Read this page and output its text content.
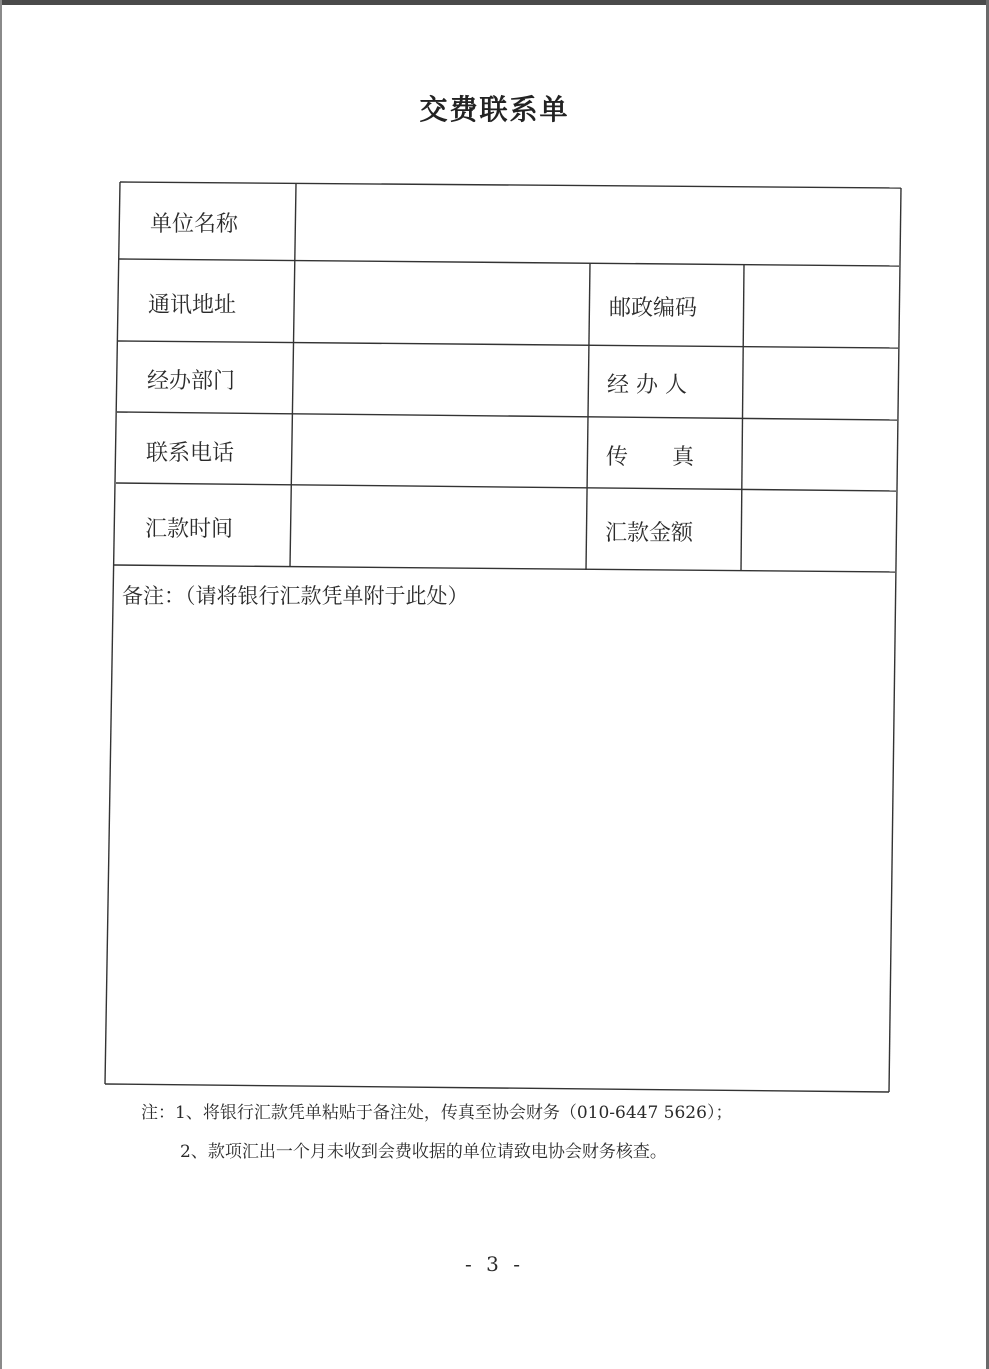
交费联系单
单位名称
通讯地址
经办部门
联系电话
汇款时间
邮政编码
经 办 人
传　　真
汇款金额
备注：（请将银行汇款凭单附于此处）
注：1、将银行汇款凭单粘贴于备注处，传真至协会财务（010-6447 5626）；
2、款项汇出一个月未收到会费收据的单位请致电协会财务核查。
- 3 -
